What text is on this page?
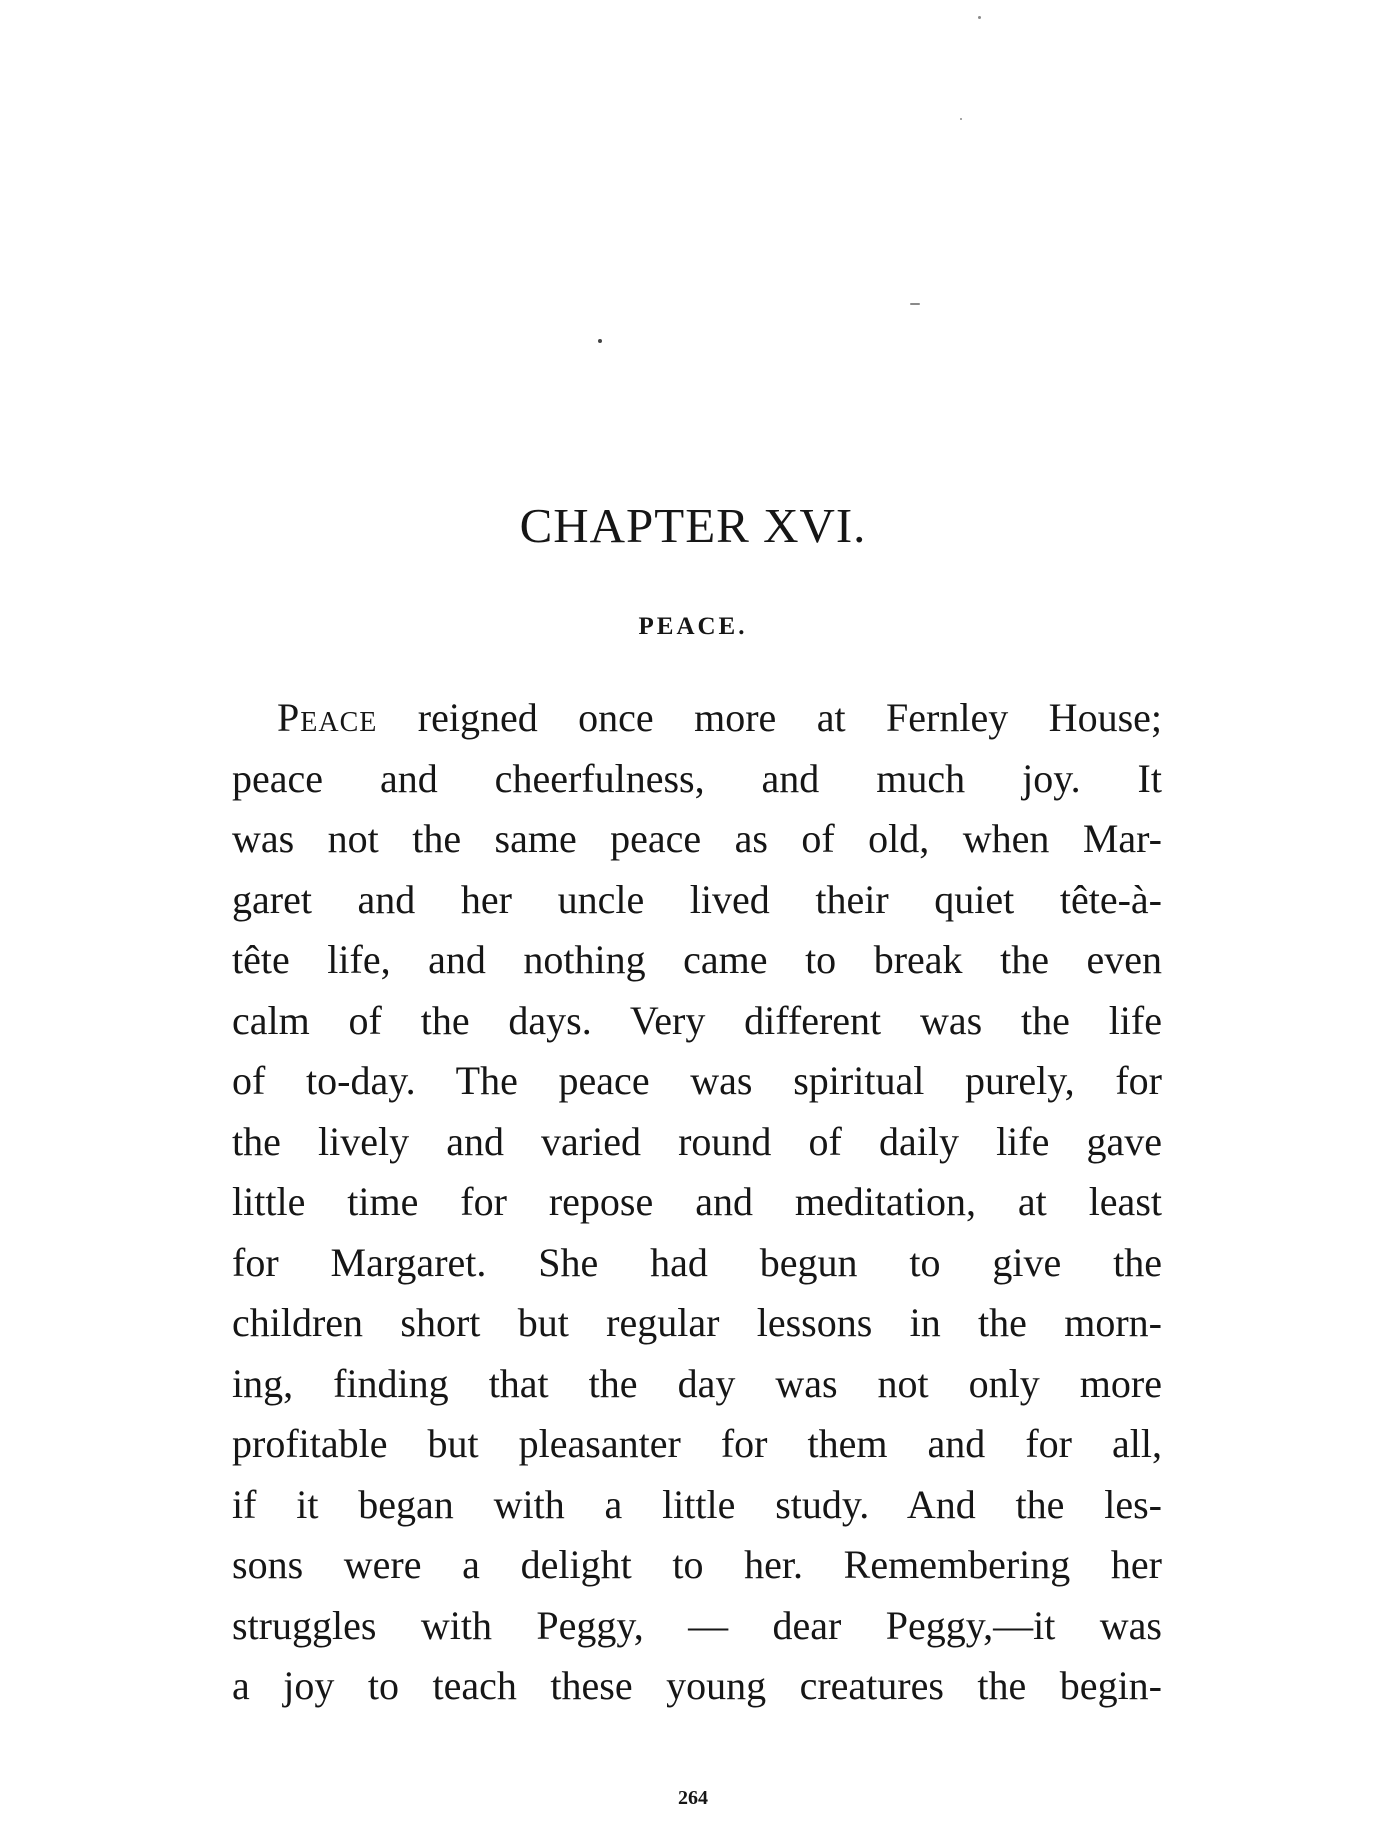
CHAPTER XVI.
PEACE.
Peace reigned once more at Fernley House;
peace and cheerfulness, and much joy. It
was not the same peace as of old, when Mar-
garet and her uncle lived their quiet tête-à-
tête life, and nothing came to break the even
calm of the days. Very different was the life
of to-day. The peace was spiritual purely, for
the lively and varied round of daily life gave
little time for repose and meditation, at least
for Margaret. She had begun to give the
children short but regular lessons in the morn-
ing, finding that the day was not only more
profitable but pleasanter for them and for all,
if it began with a little study. And the les-
sons were a delight to her. Remembering her
struggles with Peggy, — dear Peggy,—it was
a joy to teach these young creatures the begin-
264
